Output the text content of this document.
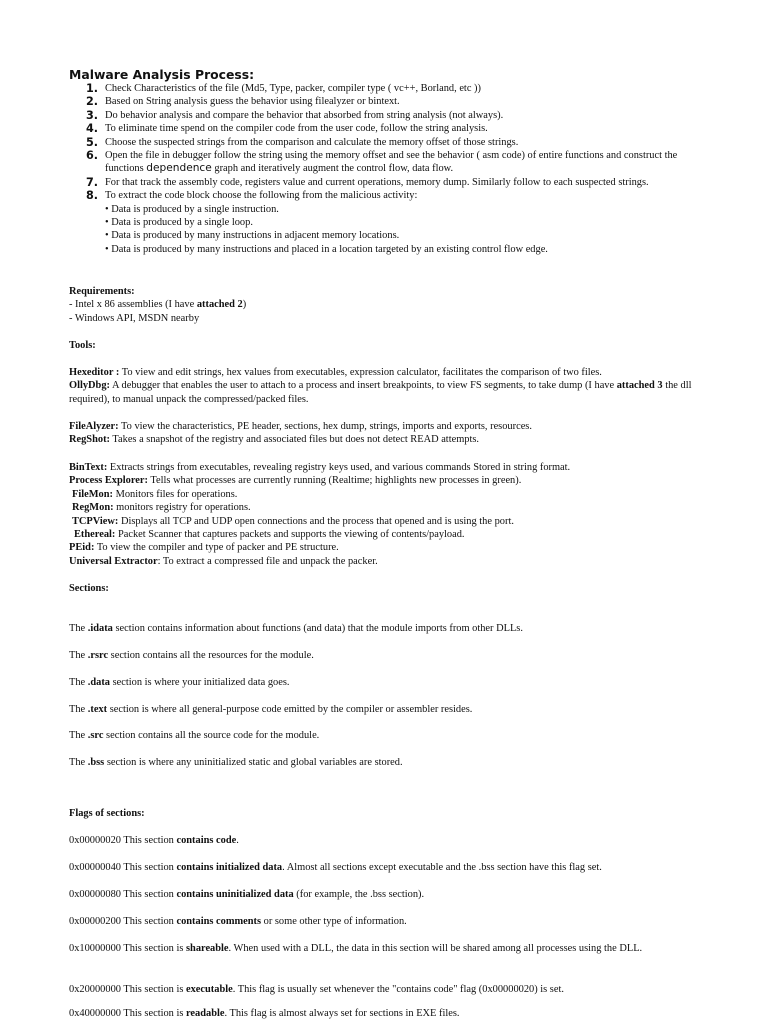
Malware Analysis Process:
1. Check Characteristics of the file (Md5, Type, packer, compiler type ( vc++, Borland, etc ))
2. Based on String analysis guess the behavior using filealyzer or bintext.
3. Do behavior analysis and compare the behavior that absorbed from string analysis (not always).
4. To eliminate time spend on the compiler code from the user code, follow the string analysis.
5. Choose the suspected strings from the comparison and calculate the memory offset of those strings.
6. Open the file in debugger follow the string using the memory offset and see the behavior ( asm code) of entire functions and construct the functions dependence graph and iteratively augment the control flow, data flow.
7. For that track the assembly code, registers value and current operations, memory dump. Similarly follow to each suspected strings.
8. To extract the code block choose the following from the malicious activity:
• Data is produced by a single instruction.
• Data is produced by a single loop.
• Data is produced by many instructions in adjacent memory locations.
• Data is produced by many instructions and placed in a location targeted by an existing control flow edge.
Requirements:
- Intel x 86 assemblies (I have attached 2)
- Windows API, MSDN nearby
Tools:
Hexeditor : To view and edit strings, hex values from executables, expression calculator, facilitates the comparison of two files.
OllyDbg: A debugger that enables the user to attach to a process and insert breakpoints, to view FS segments, to take dump (I have attached 3 the dll required), to manual unpack the compressed/packed files.
FileAlyzer: To view the characteristics, PE header, sections, hex dump, strings, imports and exports, resources.
RegShot: Takes a snapshot of the registry and associated files but does not detect READ attempts.
BinText: Extracts strings from executables, revealing registry keys used, and various commands Stored in string format.
Process Explorer: Tells what processes are currently running (Realtime; highlights new processes in green).
FileMon: Monitors files for operations.
RegMon: monitors registry for operations.
TCPView: Displays all TCP and UDP open connections and the process that opened and is using the port.
Ethereal: Packet Scanner that captures packets and supports the viewing of contents/payload.
PEid: To view the compiler and type of packer and PE structure.
Universal Extractor: To extract a compressed file and unpack the packer.
Sections:
The .idata section contains information about functions (and data) that the module imports from other DLLs.
The .rsrc section contains all the resources for the module.
The .data section is where your initialized data goes.
The .text section is where all general-purpose code emitted by the compiler or assembler resides.
The .src section contains all the source code for the module.
The .bss section is where any uninitialized static and global variables are stored.
Flags of sections:
0x00000020 This section contains code.
0x00000040 This section contains initialized data. Almost all sections except executable and the .bss section have this flag set.
0x00000080 This section contains uninitialized data (for example, the .bss section).
0x00000200 This section contains comments or some other type of information.
0x10000000 This section is shareable. When used with a DLL, the data in this section will be shared among all processes using the DLL.
0x20000000 This section is executable. This flag is usually set whenever the "contains code" flag (0x00000020) is set.
0x40000000 This section is readable. This flag is almost always set for sections in EXE files.
